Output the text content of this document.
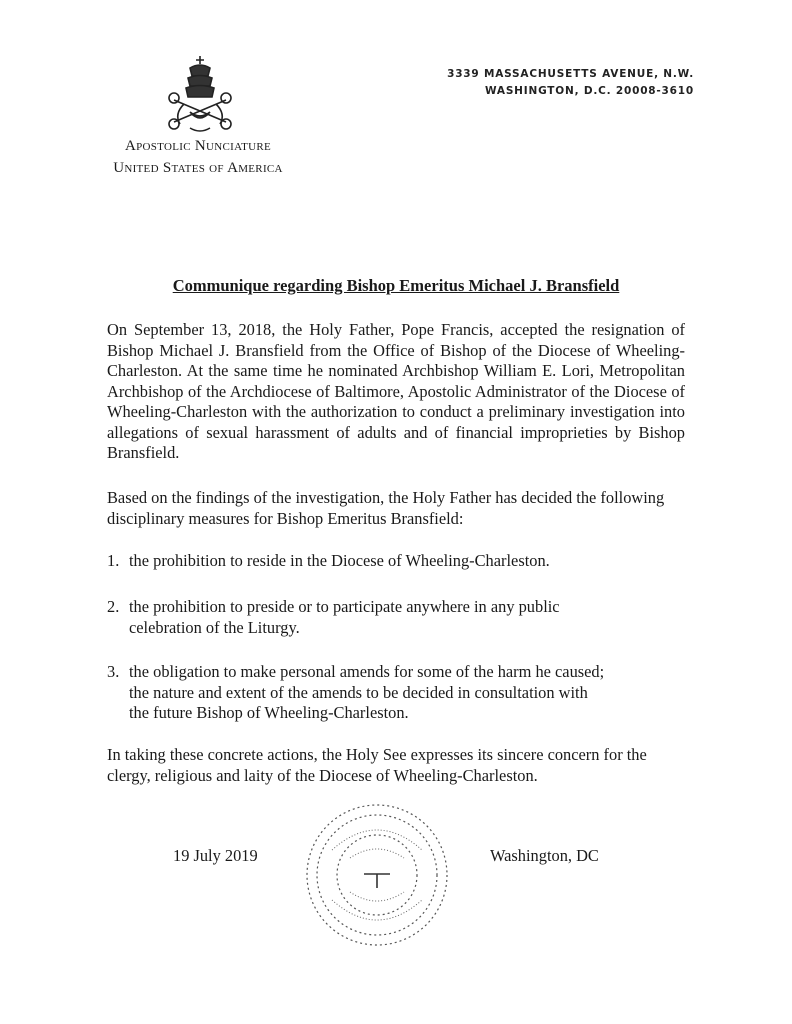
Apostolic Nunciature
United States of America
3339 MASSACHUSETTS AVENUE, N.W.
WASHINGTON, D.C. 20008-3610
Communique regarding Bishop Emeritus Michael J. Bransfield
On September 13, 2018, the Holy Father, Pope Francis, accepted the resignation of Bishop Michael J. Bransfield from the Office of Bishop of the Diocese of Wheeling-Charleston. At the same time he nominated Archbishop William E. Lori, Metropolitan Archbishop of the Archdiocese of Baltimore, Apostolic Administrator of the Diocese of Wheeling-Charleston with the authorization to conduct a preliminary investigation into allegations of sexual harassment of adults and of financial improprieties by Bishop Bransfield.
Based on the findings of the investigation, the Holy Father has decided the following disciplinary measures for Bishop Emeritus Bransfield:
1. the prohibition to reside in the Diocese of Wheeling-Charleston.
2. the prohibition to preside or to participate anywhere in any public
celebration of the Liturgy.
3. the obligation to make personal amends for some of the harm he caused;
the nature and extent of the amends to be decided in consultation with
the future Bishop of Wheeling-Charleston.
In taking these concrete actions, the Holy See expresses its sincere concern for the clergy, religious and laity of the Diocese of Wheeling-Charleston.
19 July 2019	Washington, DC
